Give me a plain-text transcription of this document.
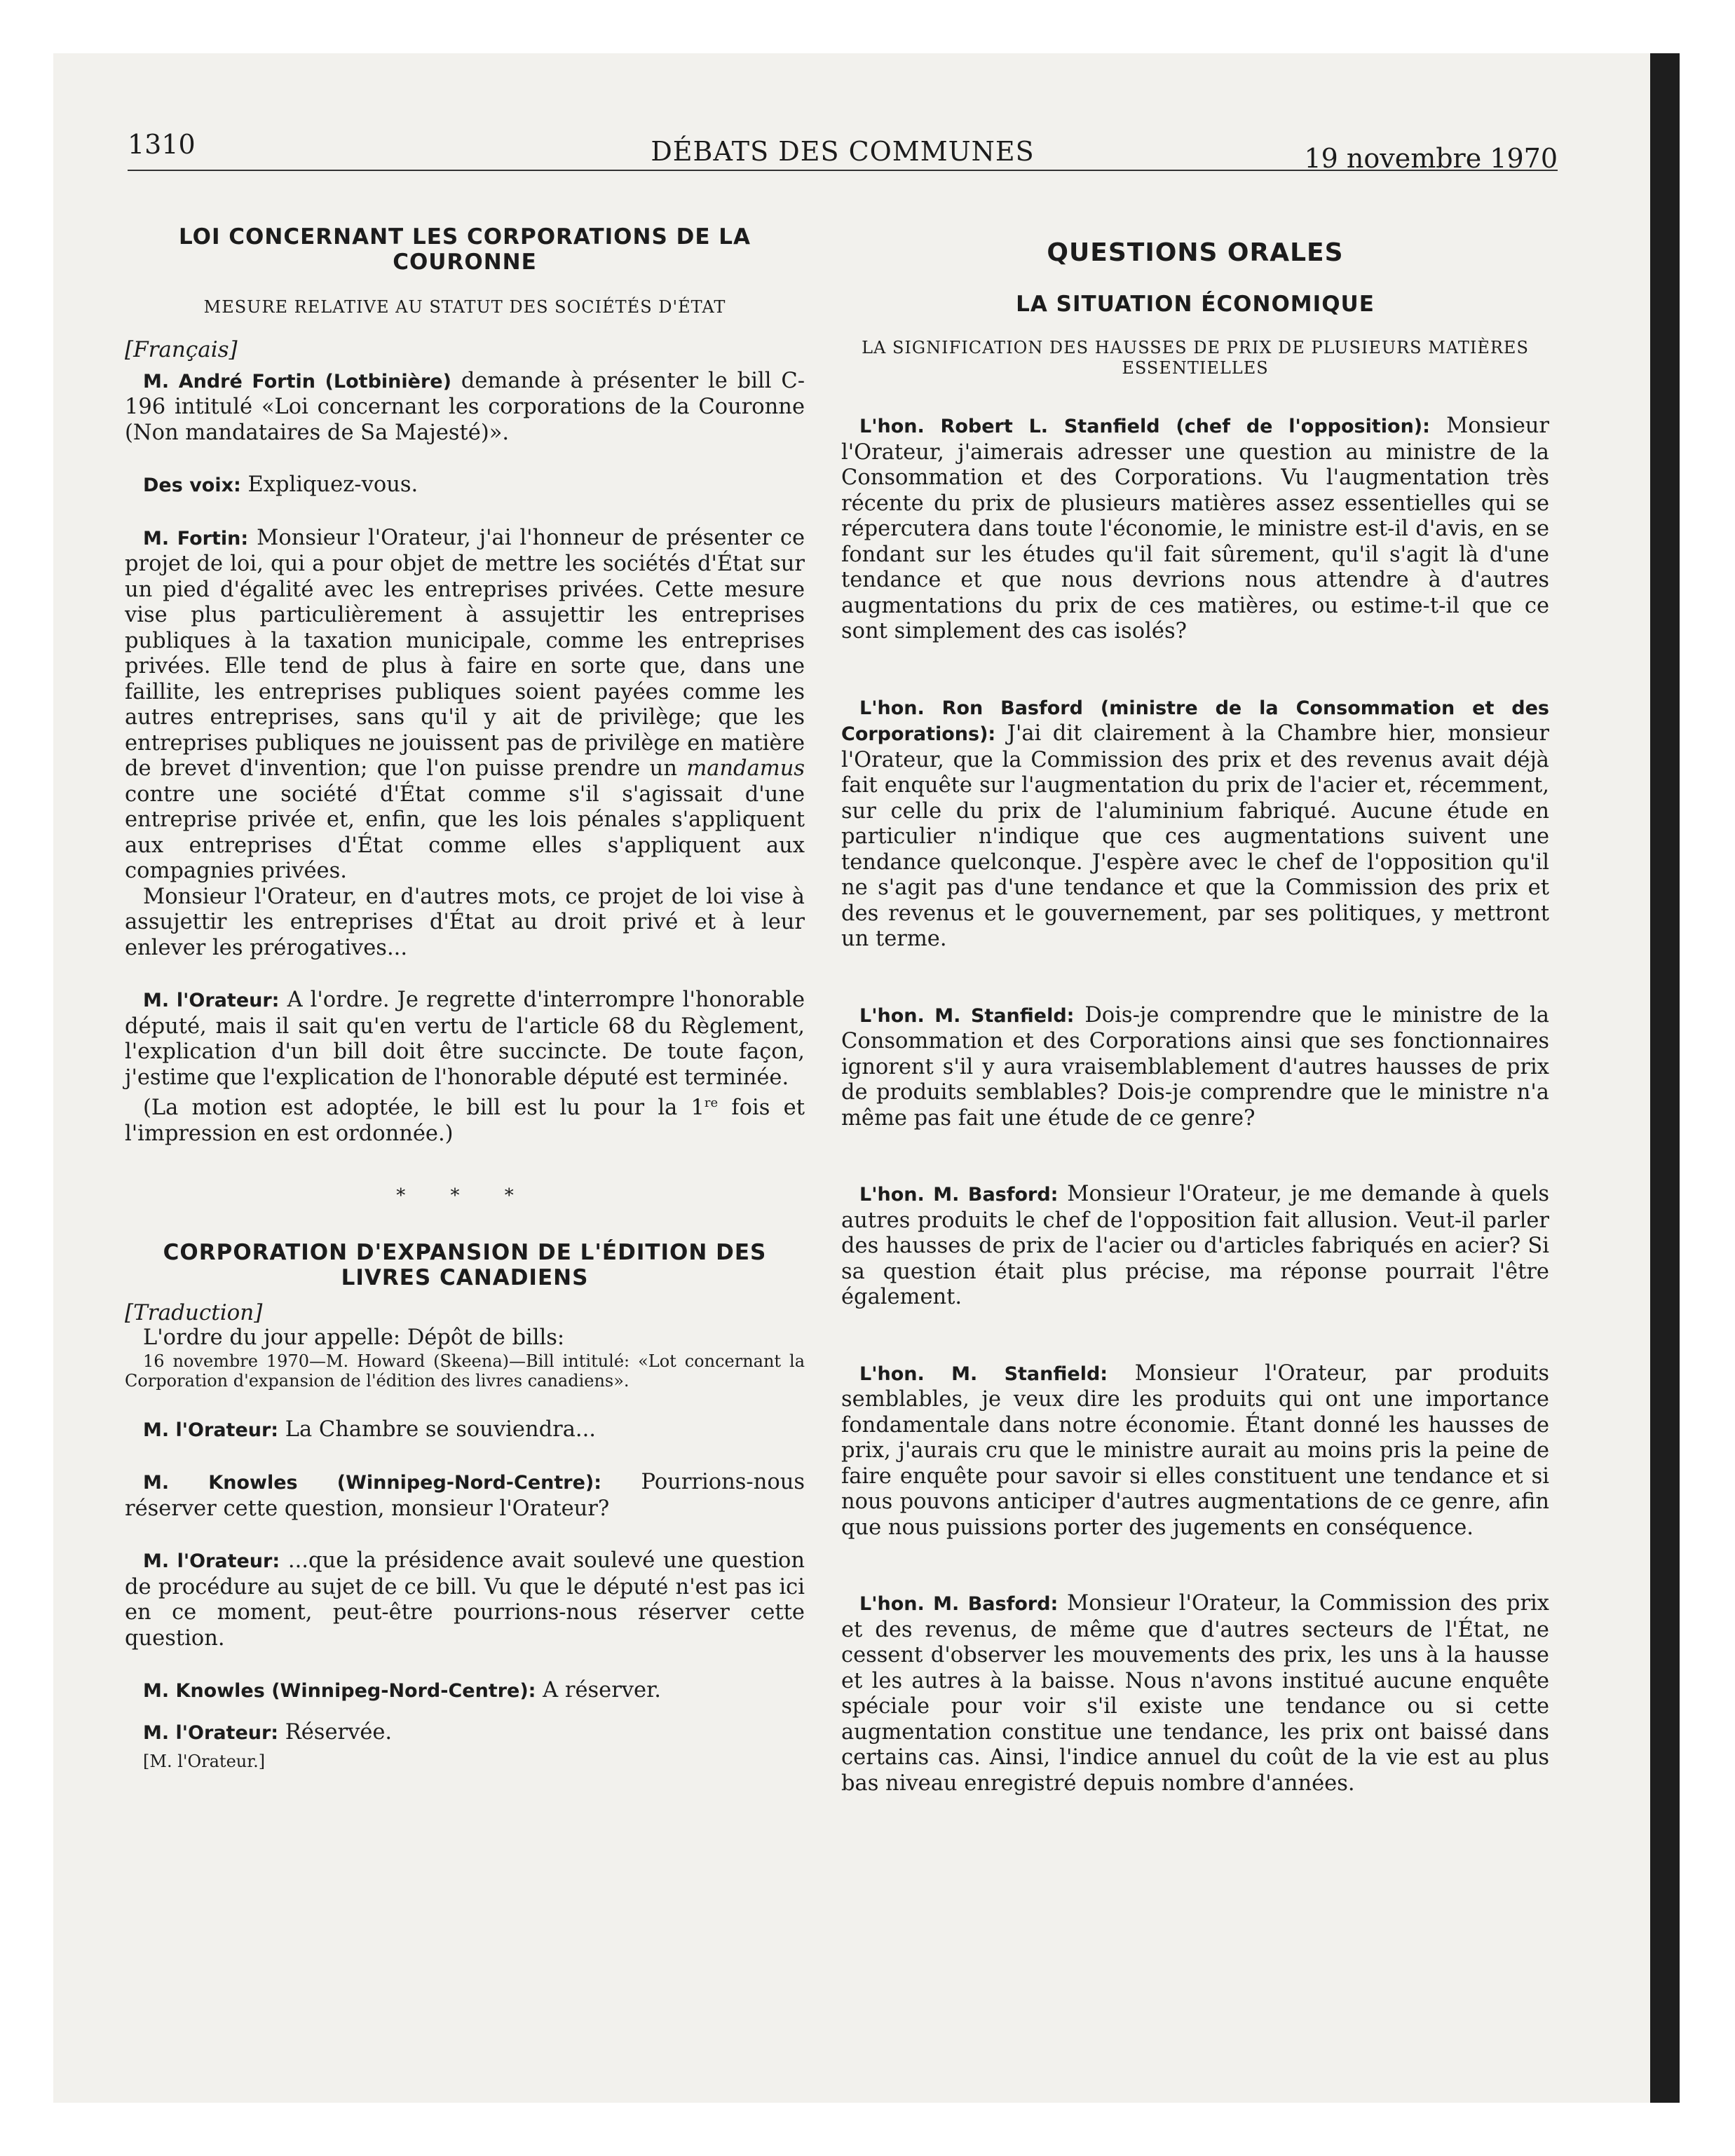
1310	DÉBATS DES COMMUNES	19 novembre 1970
LOI CONCERNANT LES CORPORATIONS DE LA COURONNE
MESURE RELATIVE AU STATUT DES SOCIÉTÉS D'ÉTAT
[Français]

M. André Fortin (Lotbinière) demande à présenter le bill C-196 intitulé «Loi concernant les corporations de la Couronne (Non mandataires de Sa Majesté)».

Des voix: Expliquez-vous.

M. Fortin: Monsieur l'Orateur, j'ai l'honneur de présenter ce projet de loi, qui a pour objet de mettre les sociétés d'État sur un pied d'égalité avec les entreprises privées. Cette mesure vise plus particulièrement à assujettir les entreprises publiques à la taxation municipale, comme les entreprises privées. Elle tend de plus à faire en sorte que, dans une faillite, les entreprises publiques soient payées comme les autres entreprises, sans qu'il y ait de privilège; que les entreprises publiques ne jouissent pas de privilège en matière de brevet d'invention; que l'on puisse prendre un mandamus contre une société d'État comme s'il s'agissait d'une entreprise privée et, enfin, que les lois pénales s'appliquent aux entreprises d'État comme elles s'appliquent aux compagnies privées.

Monsieur l'Orateur, en d'autres mots, ce projet de loi vise à assujettir les entreprises d'État au droit privé et à leur enlever les prérogatives...

M. l'Orateur: A l'ordre. Je regrette d'interrompre l'honorable député, mais il sait qu'en vertu de l'article 68 du Règlement, l'explication d'un bill doit être succincte. De toute façon, j'estime que l'explication de l'honorable député est terminée.

(La motion est adoptée, le bill est lu pour la 1re fois et l'impression en est ordonnée.)

* * *
CORPORATION D'EXPANSION DE L'ÉDITION DES LIVRES CANADIENS
[Traduction]

L'ordre du jour appelle: Dépôt de bills:

16 novembre 1970—M. Howard (Skeena)—Bill intitulé: «Lot concernant la Corporation d'expansion de l'édition des livres canadiens».

M. l'Orateur: La Chambre se souviendra...

M. Knowles (Winnipeg-Nord-Centre): Pourrions-nous réserver cette question, monsieur l'Orateur?

M. l'Orateur: ...que la présidence avait soulevé une question de procédure au sujet de ce bill. Vu que le député n'est pas ici en ce moment, peut-être pourrions-nous réserver cette question.

M. Knowles (Winnipeg-Nord-Centre): A réserver.

M. l'Orateur: Réservée.

[M. l'Orateur.]

QUESTIONS ORALES
LA SITUATION ÉCONOMIQUE
LA SIGNIFICATION DES HAUSSES DE PRIX DE PLUSIEURS MATIÈRES ESSENTIELLES

L'hon. Robert L. Stanfield (chef de l'opposition): Monsieur l'Orateur, j'aimerais adresser une question au ministre de la Consommation et des Corporations. Vu l'augmentation très récente du prix de plusieurs matières assez essentielles qui se répercutera dans toute l'économie, le ministre est-il d'avis, en se fondant sur les études qu'il fait sûrement, qu'il s'agit là d'une tendance et que nous devrions nous attendre à d'autres augmentations du prix de ces matières, ou estime-t-il que ce sont simplement des cas isolés?

L'hon. Ron Basford (ministre de la Consommation et des Corporations): J'ai dit clairement à la Chambre hier, monsieur l'Orateur, que la Commission des prix et des revenus avait déjà fait enquête sur l'augmentation du prix de l'acier et, récemment, sur celle du prix de l'aluminium fabriqué. Aucune étude en particulier n'indique que ces augmentations suivent une tendance quelconque. J'espère avec le chef de l'opposition qu'il ne s'agit pas d'une tendance et que la Commission des prix et des revenus et le gouvernement, par ses politiques, y mettront un terme.

L'hon. M. Stanfield: Dois-je comprendre que le ministre de la Consommation et des Corporations ainsi que ses fonctionnaires ignorent s'il y aura vraisemblablement d'autres hausses de prix de produits semblables? Dois-je comprendre que le ministre n'a même pas fait une étude de ce genre?

L'hon. M. Basford: Monsieur l'Orateur, je me demande à quels autres produits le chef de l'opposition fait allusion. Veut-il parler des hausses de prix de l'acier ou d'articles fabriqués en acier? Si sa question était plus précise, ma réponse pourrait l'être également.

L'hon. M. Stanfield: Monsieur l'Orateur, par produits semblables, je veux dire les produits qui ont une importance fondamentale dans notre économie. Étant donné les hausses de prix, j'aurais cru que le ministre aurait au moins pris la peine de faire enquête pour savoir si elles constituent une tendance et si nous pouvons anticiper d'autres augmentations de ce genre, afin que nous puissions porter des jugements en conséquence.

L'hon. M. Basford: Monsieur l'Orateur, la Commission des prix et des revenus, de même que d'autres secteurs de l'État, ne cessent d'observer les mouvements des prix, les uns à la hausse et les autres à la baisse. Nous n'avons institué aucune enquête spéciale pour voir s'il existe une tendance ou si cette augmentation constitue une tendance, les prix ont baissé dans certains cas. Ainsi, l'indice annuel du coût de la vie est au plus bas niveau enregistré depuis nombre d'années.
